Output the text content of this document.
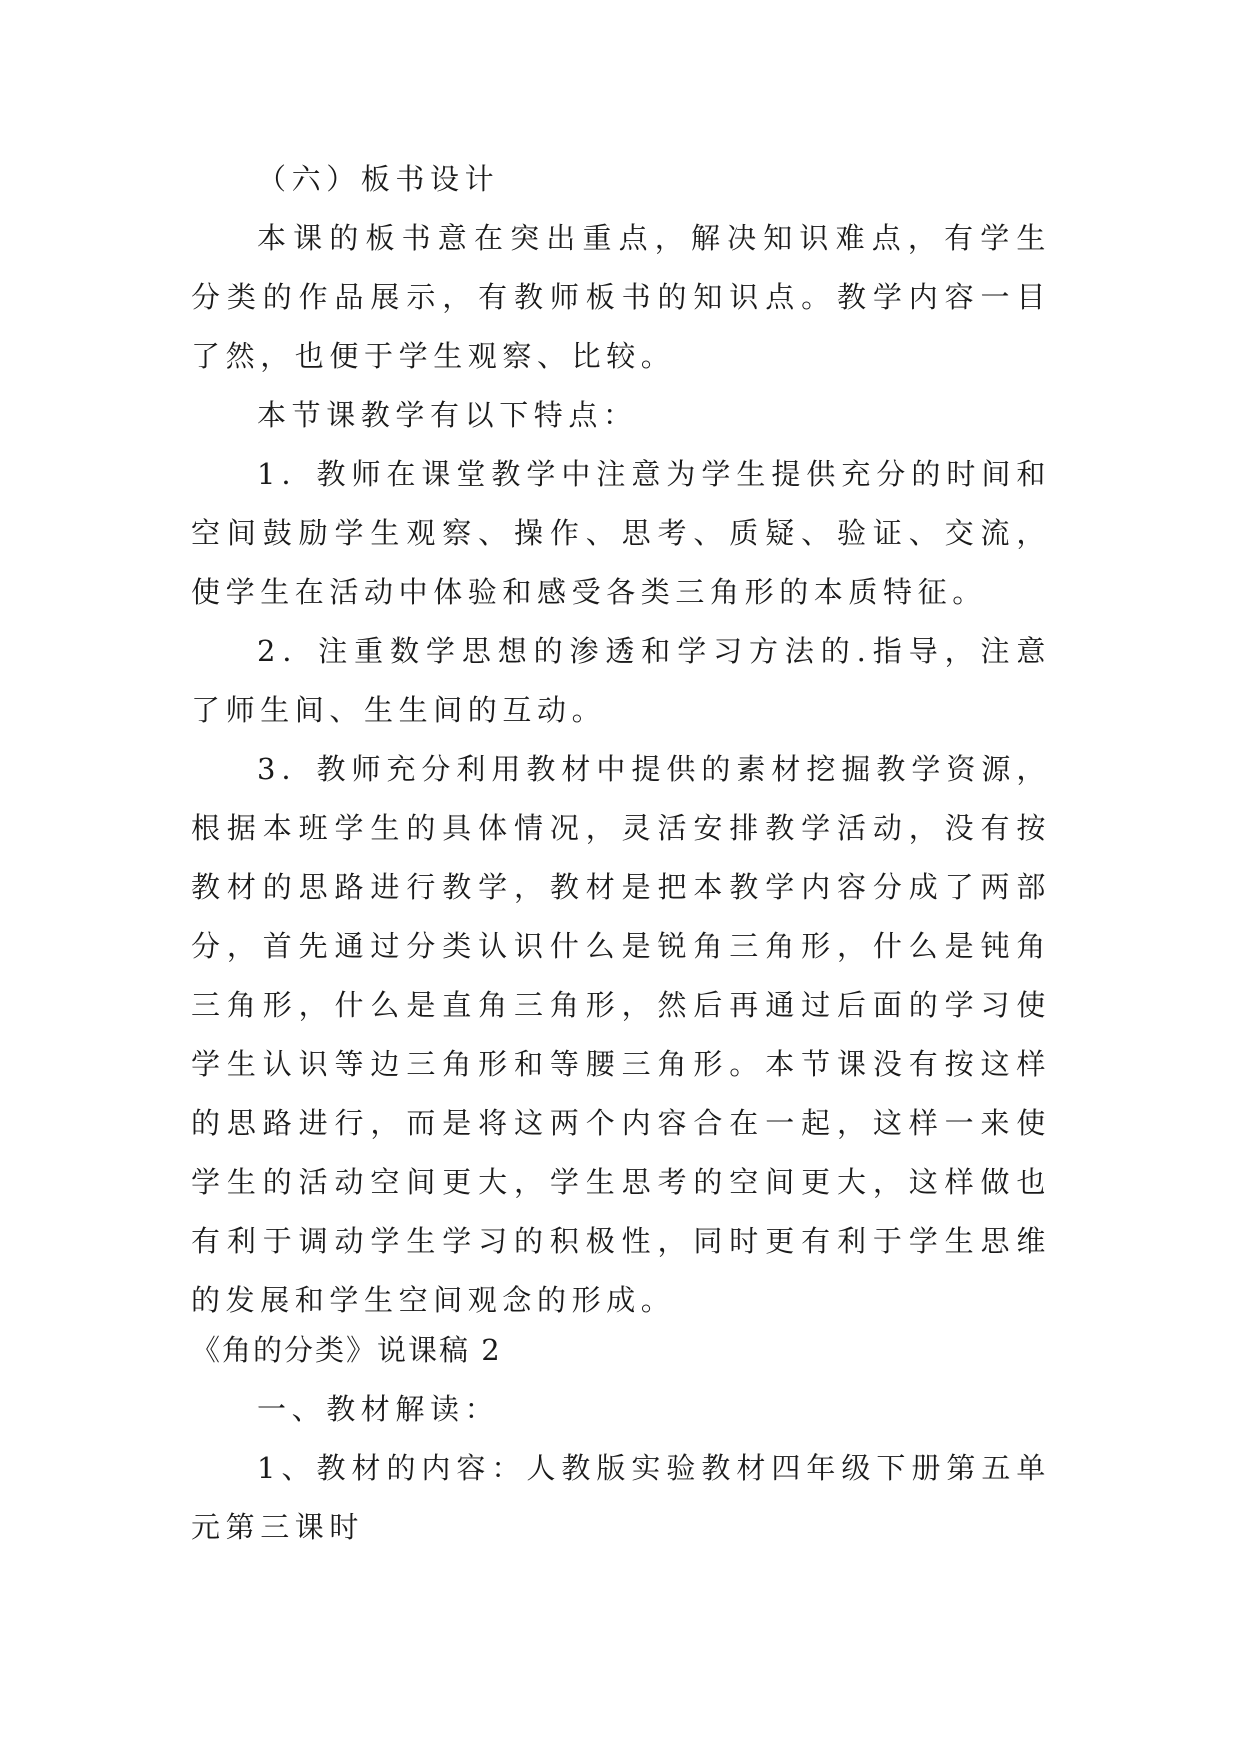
（六）板书设计

本课的板书意在突出重点，解决知识难点，有学生分类的作品展示，有教师板书的知识点。教学内容一目了然，也便于学生观察、比较。

本节课教学有以下特点：

1．教师在课堂教学中注意为学生提供充分的时间和空间鼓励学生观察、操作、思考、质疑、验证、交流，使学生在活动中体验和感受各类三角形的本质特征。

2．注重数学思想的渗透和学习方法的.指导，注意了师生间、生生间的互动。

3．教师充分利用教材中提供的素材挖掘教学资源，根据本班学生的具体情况，灵活安排教学活动，没有按教材的思路进行教学，教材是把本教学内容分成了两部分，首先通过分类认识什么是锐角三角形，什么是钝角三角形，什么是直角三角形，然后再通过后面的学习使学生认识等边三角形和等腰三角形。本节课没有按这样的思路进行，而是将这两个内容合在一起，这样一来使学生的活动空间更大，学生思考的空间更大，这样做也有利于调动学生学习的积极性，同时更有利于学生思维的发展和学生空间观念的形成。

《角的分类》说课稿 2

一、教材解读：

1、教材的内容：人教版实验教材四年级下册第五单元第三课时
